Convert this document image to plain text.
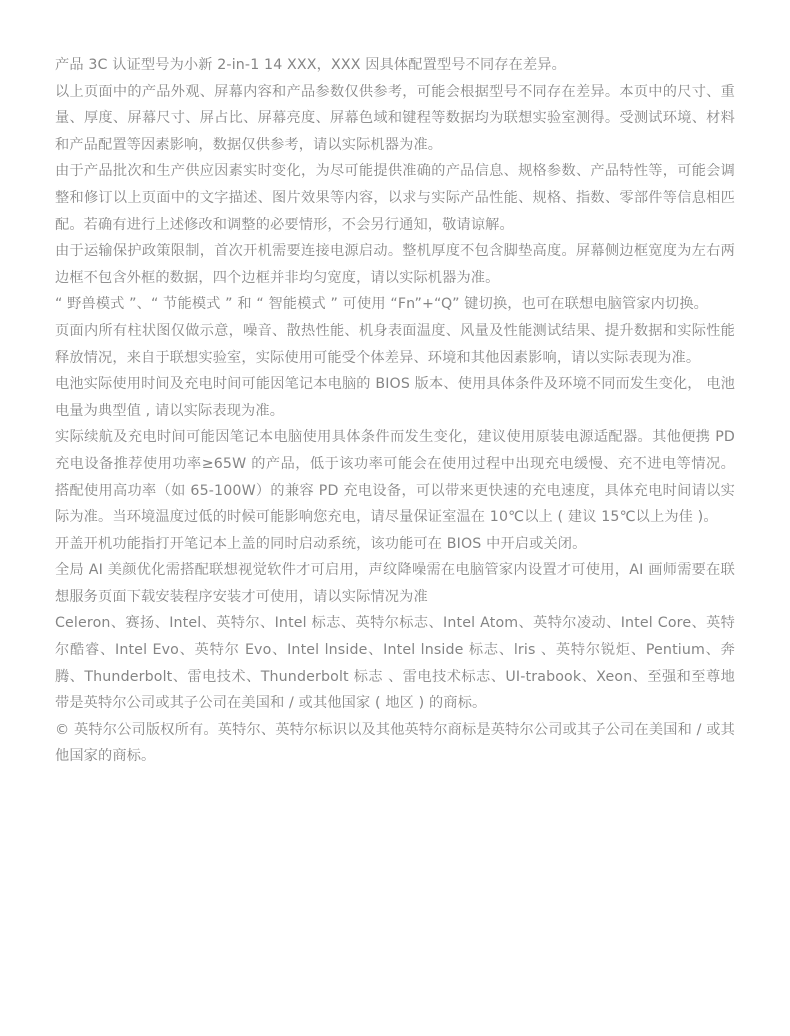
产品 3C 认证型号为小新 2-in-1 14 XXX，XXX 因具体配置型号不同存在差异。

以上页面中的产品外观、屏幕内容和产品参数仅供参考，可能会根据型号不同存在差异。本页中的尺寸、重量、厚度、屏幕尺寸、屏占比、屏幕亮度、屏幕色域和键程等数据均为联想实验室测得。受测试环境、材料和产品配置等因素影响，数据仅供参考，请以实际机器为准。

由于产品批次和生产供应因素实时变化，为尽可能提供准确的产品信息、规格参数、产品特性等，可能会调整和修订以上页面中的文字描述、图片效果等内容，以求与实际产品性能、规格、指数、零部件等信息相匹配。若确有进行上述修改和调整的必要情形，不会另行通知，敬请谅解。

由于运输保护政策限制，首次开机需要连接电源启动。整机厚度不包含脚垫高度。屏幕侧边框宽度为左右两边框不包含外框的数据，四个边框并非均匀宽度，请以实际机器为准。

“ 野兽模式 ”、“ 节能模式 ” 和 “ 智能模式 ” 可使用 “Fn”+“Q” 键切换，也可在联想电脑管家内切换。

页面内所有柱状图仅做示意，噪音、散热性能、机身表面温度、风量及性能测试结果、提升数据和实际性能释放情况，来自于联想实验室，实际使用可能受个体差异、环境和其他因素影响，请以实际表现为准。

电池实际使用时间及充电时间可能因笔记本电脑的 BIOS 版本、使用具体条件及环境不同而发生变化， 电池电量为典型值 , 请以实际表现为准。

实际续航及充电时间可能因笔记本电脑使用具体条件而发生变化，建议使用原装电源适配器。其他便携 PD 充电设备推荐使用功率≥65W 的产品，低于该功率可能会在使用过程中出现充电缓慢、充不进电等情况。搭配使用高功率（如 65-100W）的兼容 PD 充电设备，可以带来更快速的充电速度，具体充电时间请以实际为准。当环境温度过低的时候可能影响您充电，请尽量保证室温在 10℃以上 ( 建议 15℃以上为佳 )。

开盖开机功能指打开笔记本上盖的同时启动系统，该功能可在 BIOS 中开启或关闭。

全局 AI 美颜优化需搭配联想视觉软件才可启用，声纹降噪需在电脑管家内设置才可使用，AI 画师需要在联想服务页面下载安装程序安装才可使用，请以实际情况为准

Celeron、赛扬、Intel、英特尔、Intel 标志、英特尔标志、Intel Atom、英特尔凌动、Intel Core、英特尔酷睿、Intel Evo、英特尔 Evo、Intel lnside、Intel lnside 标志、lris 、英特尔锐炬、Pentium、奔腾、Thunderbolt、雷电技术、Thunderbolt 标志 、雷电技术标志、UI-trabook、Xeon、至强和至尊地带是英特尔公司或其子公司在美国和 / 或其他国家 ( 地区 ) 的商标。

© 英特尔公司版权所有。英特尔、英特尔标识以及其他英特尔商标是英特尔公司或其子公司在美国和 / 或其他国家的商标。
